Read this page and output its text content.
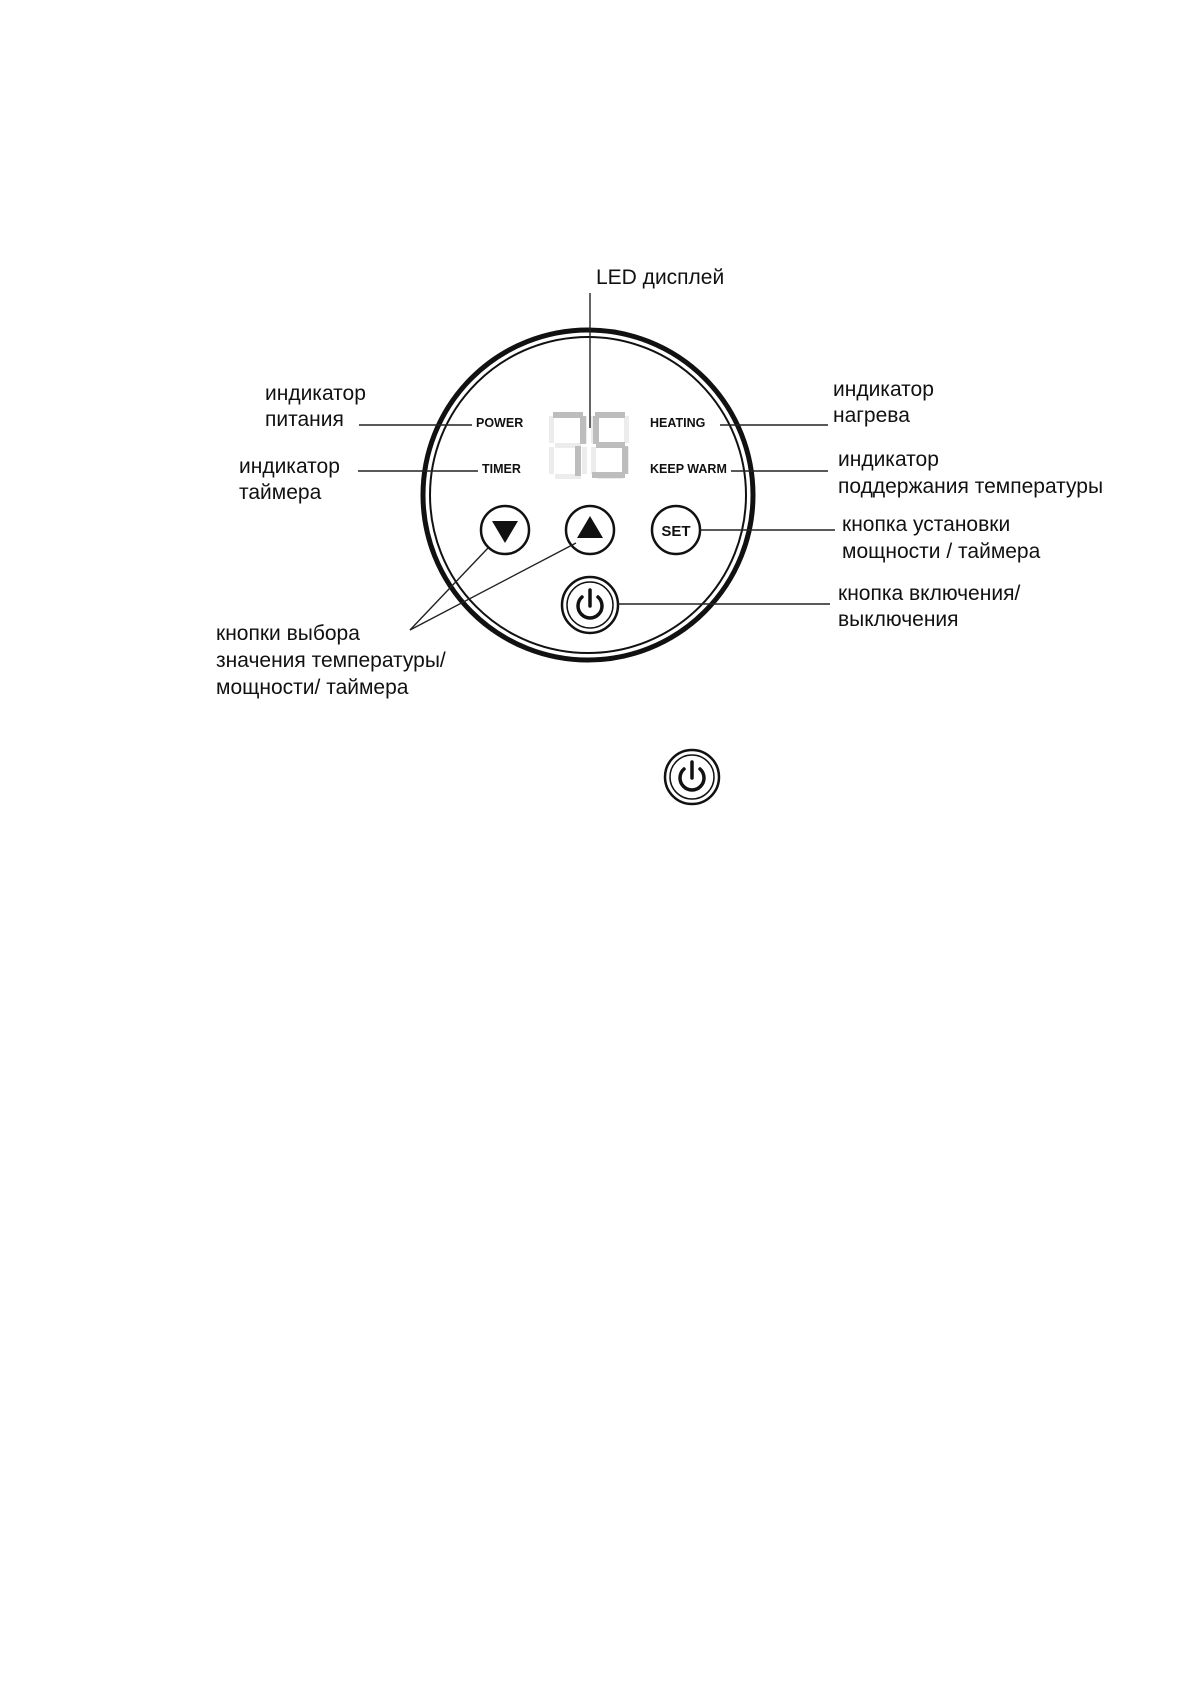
POWER
TIMER
HEATING
KEEP WARM
SET
LED дисплей
индикатор
питания
индикатор
таймера
индикатор
нагрева
индикатор
поддержания температуры
кнопка установки
мощности / таймера
кнопка включения/
выключения
кнопки выбора
значения температуры/
мощности/ таймера
